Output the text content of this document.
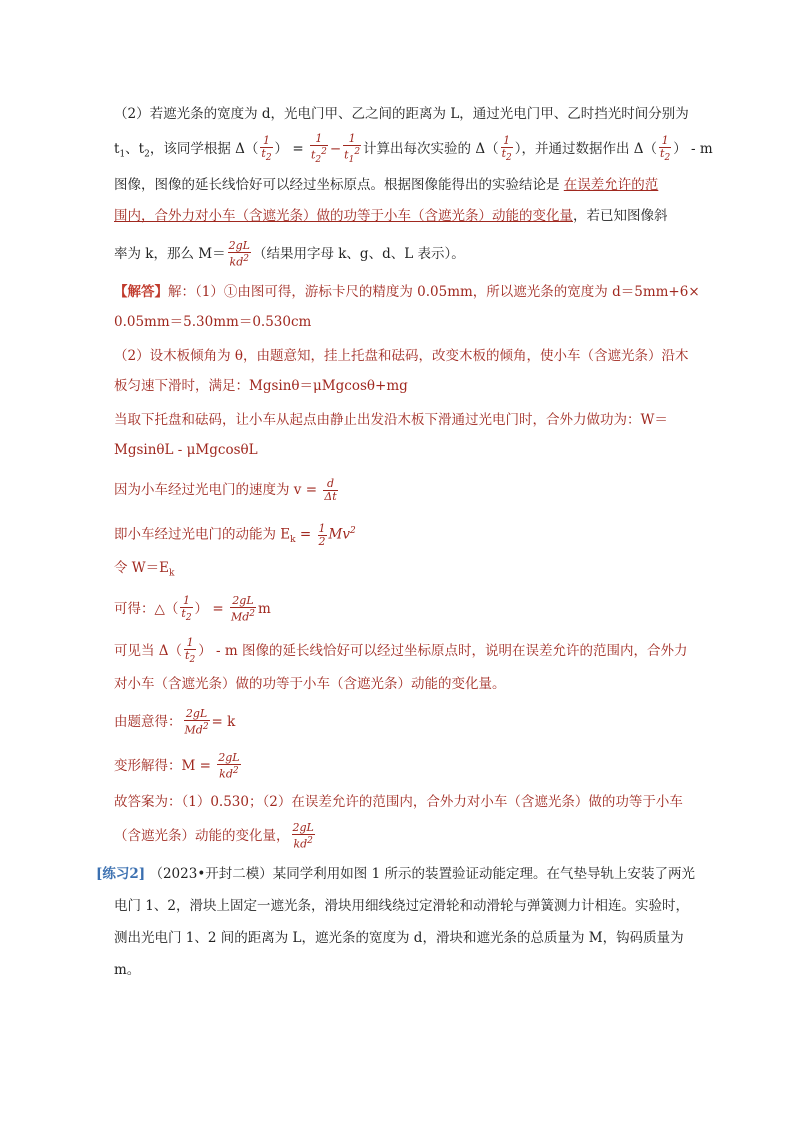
（2）若遮光条的宽度为 d，光电门甲、乙之间的距离为 L，通过光电门甲、乙时挡光时间分别为
$t_1$、$t_2$，该同学根据 $\Delta( \frac{1}{t_2}$ ） = $\frac{1}{t_2^2} - \frac{1}{t_1^2}$ 计算出每次实验的 $\Delta( \frac{1}{t_2}$ ），并通过数据作出 $\Delta( \frac{1}{t_2}$ ） - m
图像，图像的延长线恰好可以经过坐标原点。根据图像能得出的实验结论是 在误差允许的范
围内，合外力对小车（含遮光条）做的功等于小车（含遮光条）动能的变化量，若已知图像斜
率为 k，那么 $M= \frac{2gL}{kd^2}$ （结果用字母 k、g、d、L 表示）。
【解答】解：（1）①由图可得，游标卡尺的精度为 0.05mm，所以遮光条的宽度为 d＝5mm+6×
0.05mm＝5.30mm＝0.530cm
（2）设木板倾角为 θ，由题意知，挂上托盘和砝码，改变木板的倾角，使小车（含遮光条）沿木
板匀速下滑时，满足：Mgsinθ＝μMgcosθ+mg
当取下托盘和砝码，让小车从起点由静止出发沿木板下滑通过光电门时，合外力做功为：W＝
MgsinθL - μMgcosθL
因为小车经过光电门的速度为 $v = \frac{d}{\Delta t}$
即小车经过光电门的动能为 $E_k = \frac{1}{2} Mv^2$
令 $W=E_k$
可得：△（ $\frac{1}{t_2}$ ） = $\frac{2gL}{Md^2}$ m
可见当 $\Delta( \frac{1}{t_2}$ ） - m 图像的延长线恰好可以经过坐标原点时，说明在误差允许的范围内，合外力
对小车（含遮光条）做的功等于小车（含遮光条）动能的变化量。
由题意得： $\frac{2gL}{Md^2} = k$
变形解得：$M = \frac{2gL}{kd^2}$
故答案为：（1）0.530；（2）在误差允许的范围内，合外力对小车（含遮光条）做的功等于小车
（含遮光条）动能的变化量， $\frac{2gL}{kd^2}$
[练习2] （2023•开封二模）某同学利用如图 1 所示的装置验证动能定理。在气垫导轨上安装了两光
电门 1、2，滑块上固定一遮光条，滑块用细线绕过定滑轮和动滑轮与弹簧测力计相连。实验时，
测出光电门 1、2 间的距离为 L，遮光条的宽度为 d，滑块和遮光条的总质量为 M，钩码质量为
m。
